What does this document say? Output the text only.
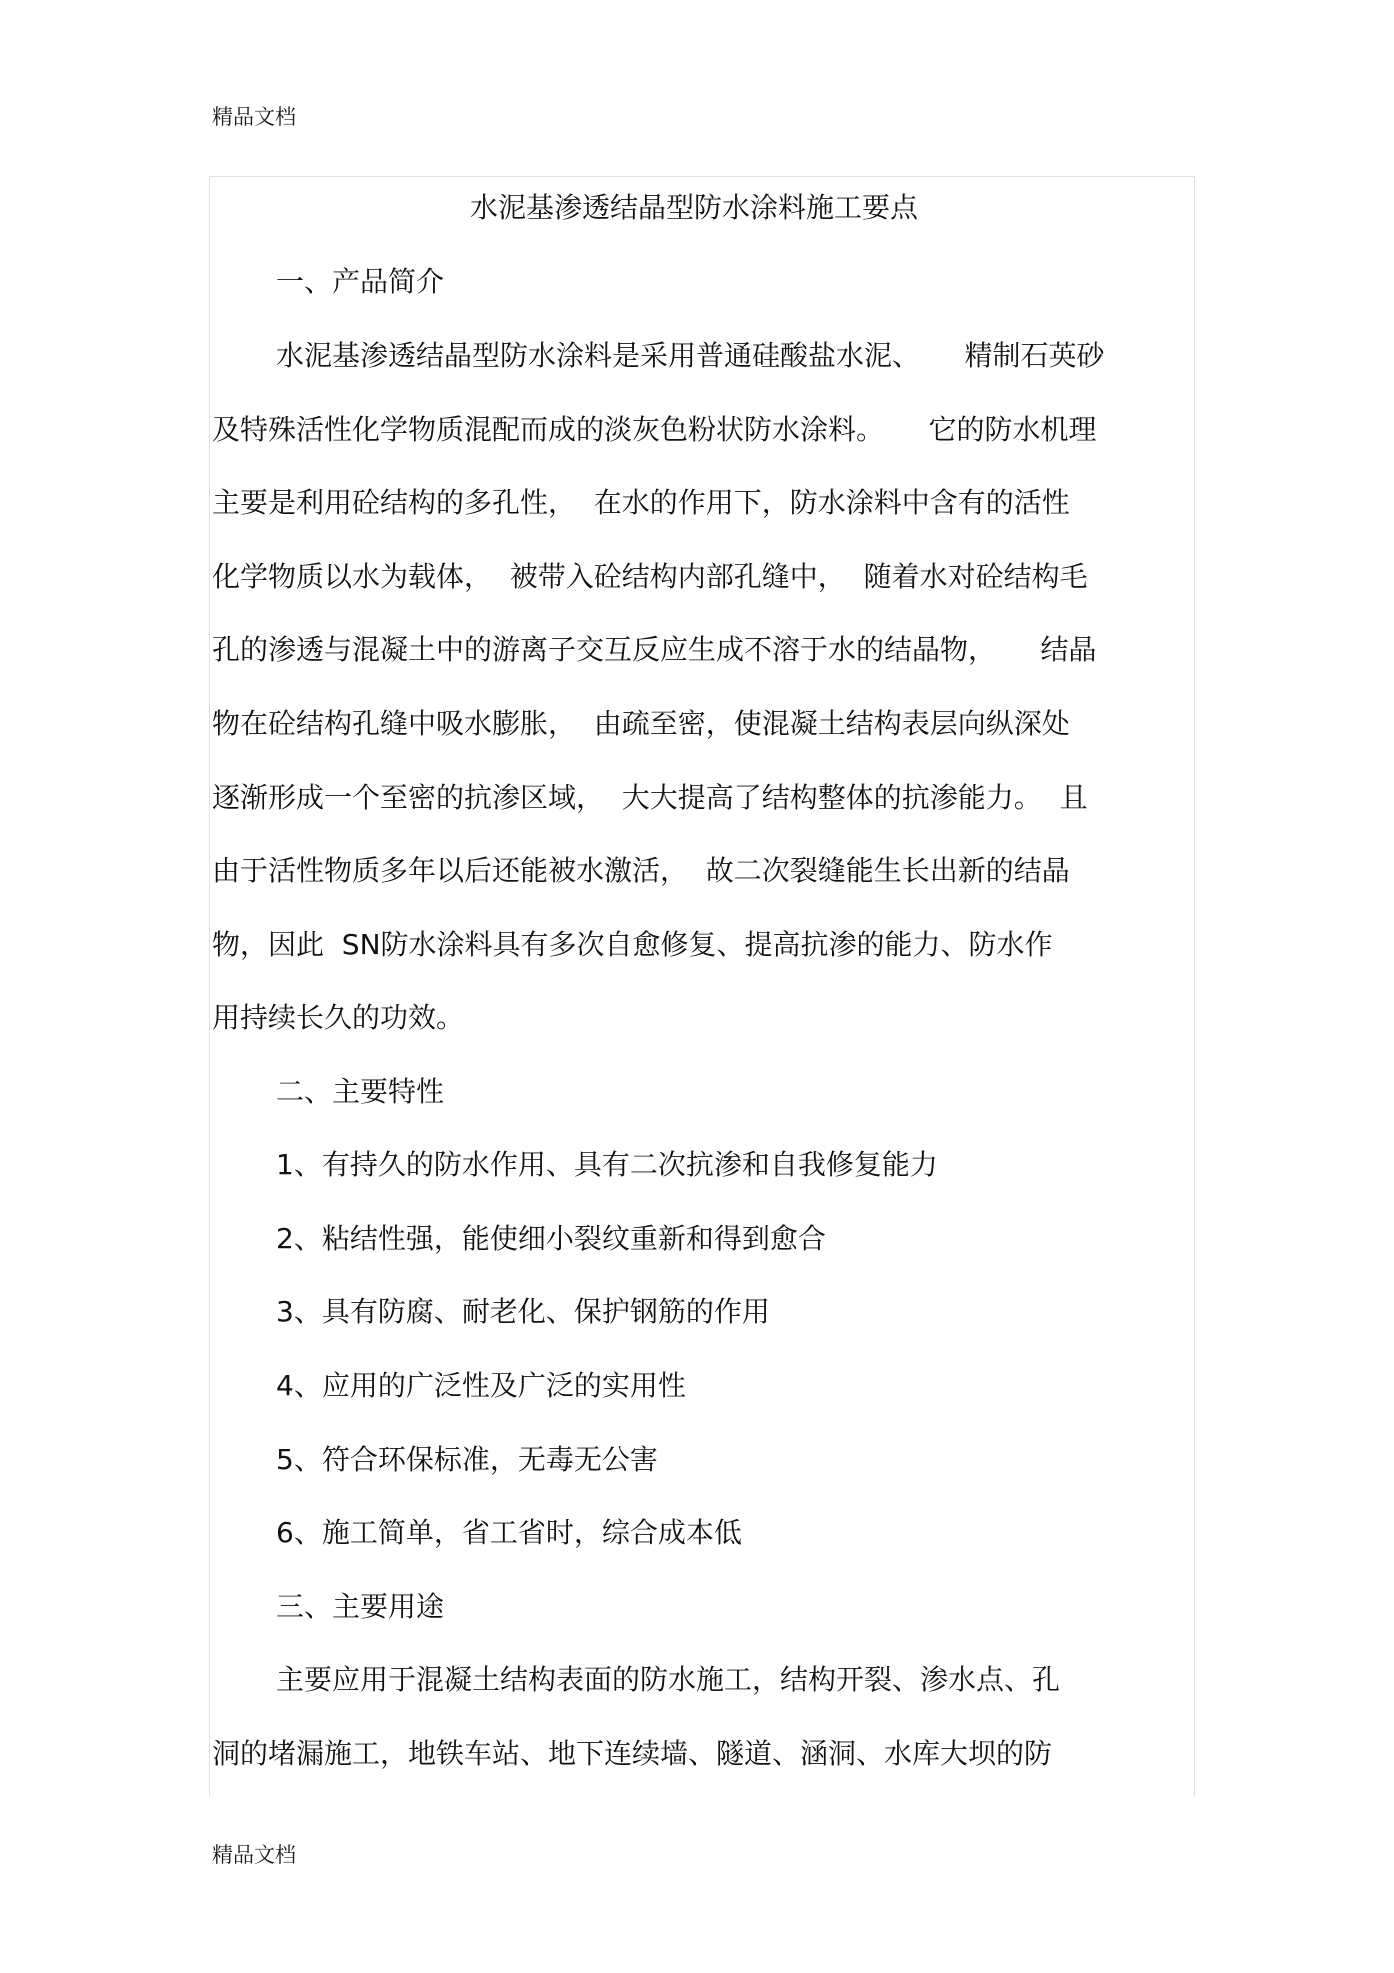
精品文档
水泥基渗透结晶型防水涂料施工要点
一、产品简介
水泥基渗透结晶型防水涂料是采用普通硅酸盐水泥、     精制石英砂
及特殊活性化学物质混配而成的淡灰色粉状防水涂料。     它的防水机理
主要是利用砼结构的多孔性，  在水的作用下，防水涂料中含有的活性
化学物质以水为载体，  被带入砼结构内部孔缝中，  随着水对砼结构毛
孔的渗透与混凝土中的游离子交互反应生成不溶于水的结晶物，     结晶
物在砼结构孔缝中吸水膨胀，  由疏至密，使混凝土结构表层向纵深处
逐渐形成一个至密的抗渗区域，  大大提高了结构整体的抗渗能力。  且
由于活性物质多年以后还能被水激活，  故二次裂缝能生长出新的结晶
物，因此  SN防水涂料具有多次自愈修复、提高抗渗的能力、防水作
用持续长久的功效。
二、主要特性
1、有持久的防水作用、具有二次抗渗和自我修复能力
2、粘结性强，能使细小裂纹重新和得到愈合
3、具有防腐、耐老化、保护钢筋的作用
4、应用的广泛性及广泛的实用性
5、符合环保标准，无毒无公害
6、施工简单，省工省时，综合成本低
三、主要用途
主要应用于混凝土结构表面的防水施工，结构开裂、渗水点、孔
洞的堵漏施工，地铁车站、地下连续墙、隧道、涵洞、水库大坝的防
精品文档
